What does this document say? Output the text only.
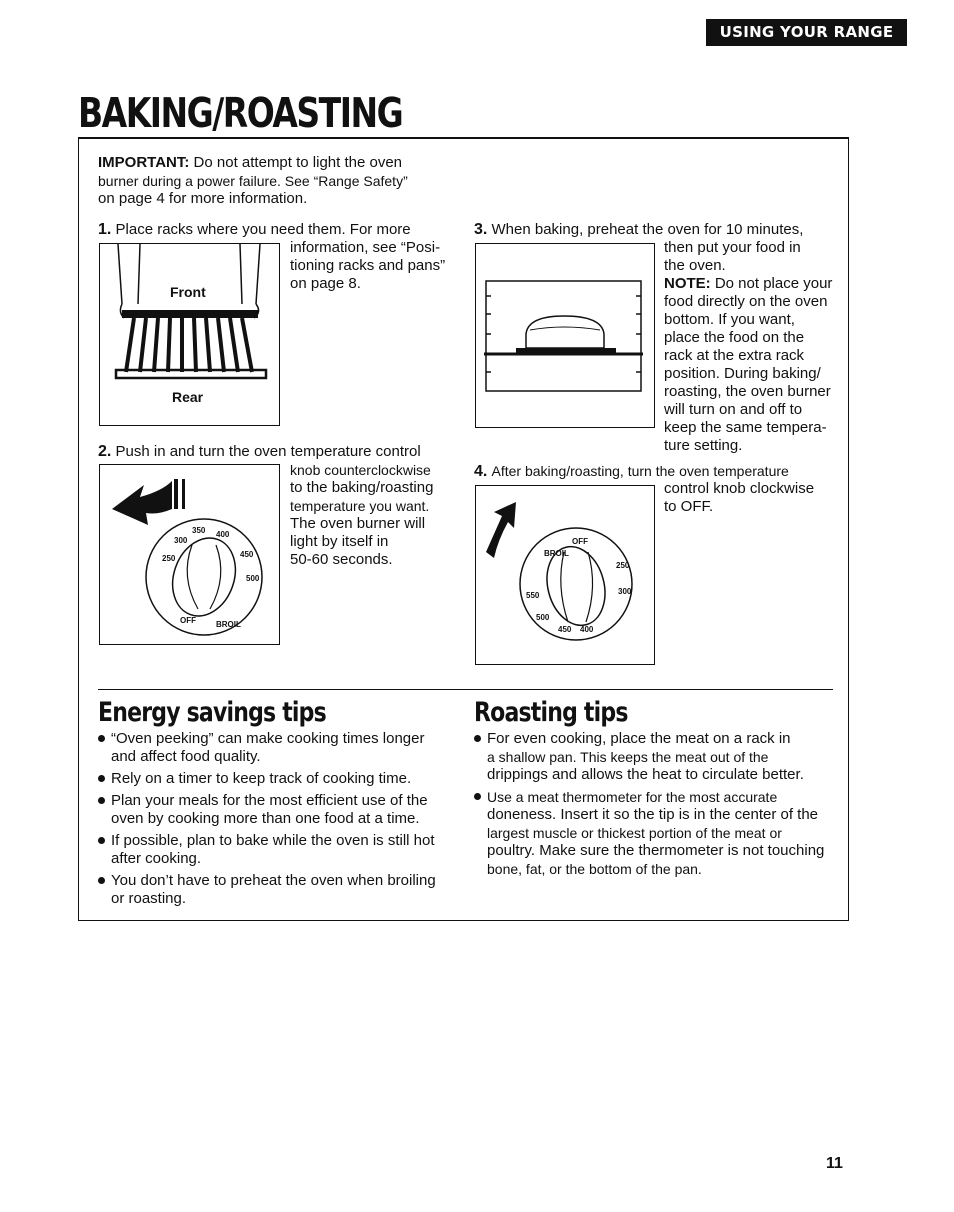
USING YOUR RANGE
BAKING/ROASTING
IMPORTANT: Do not attempt to light the oven
burner during a power failure. See “Range Safety”
on page 4 for more information.
1. Place racks where you need them. For more
information, see “Posi-
tioning racks and pans”
on page 8.
Front
Rear
2. Push in and turn the oven temperature control
knob counterclockwise
to the baking/roasting
temperature you want.
The oven burner will
light by itself in
50-60 seconds.
350 400
300
250	450
500
OFF	BROIL
3. When baking, preheat the oven for 10 minutes,
then put your food in
the oven.
NOTE: Do not place your
food directly on the oven
bottom. If you want,
place the food on the
rack at the extra rack
position. During baking/
roasting, the oven burner
will turn on and off to
keep the same tempera-
ture setting.
4. After baking/roasting, turn the oven temperature
control knob clockwise
to OFF.
OFF
BROIL
250
300
550
500
450 400
Energy savings tips
“Oven peeking” can make cooking times longer
and affect food quality.
Rely on a timer to keep track of cooking time.
Plan your meals for the most efficient use of the
oven by cooking more than one food at a time.
If possible, plan to bake while the oven is still hot
after cooking.
You don’t have to preheat the oven when broiling
or roasting.
Roasting tips
For even cooking, place the meat on a rack in
a shallow pan. This keeps the meat out of the
drippings and allows the heat to circulate better.
Use a meat thermometer for the most accurate
doneness. Insert it so the tip is in the center of the
largest muscle or thickest portion of the meat or
poultry. Make sure the thermometer is not touching
bone, fat, or the bottom of the pan.
11
